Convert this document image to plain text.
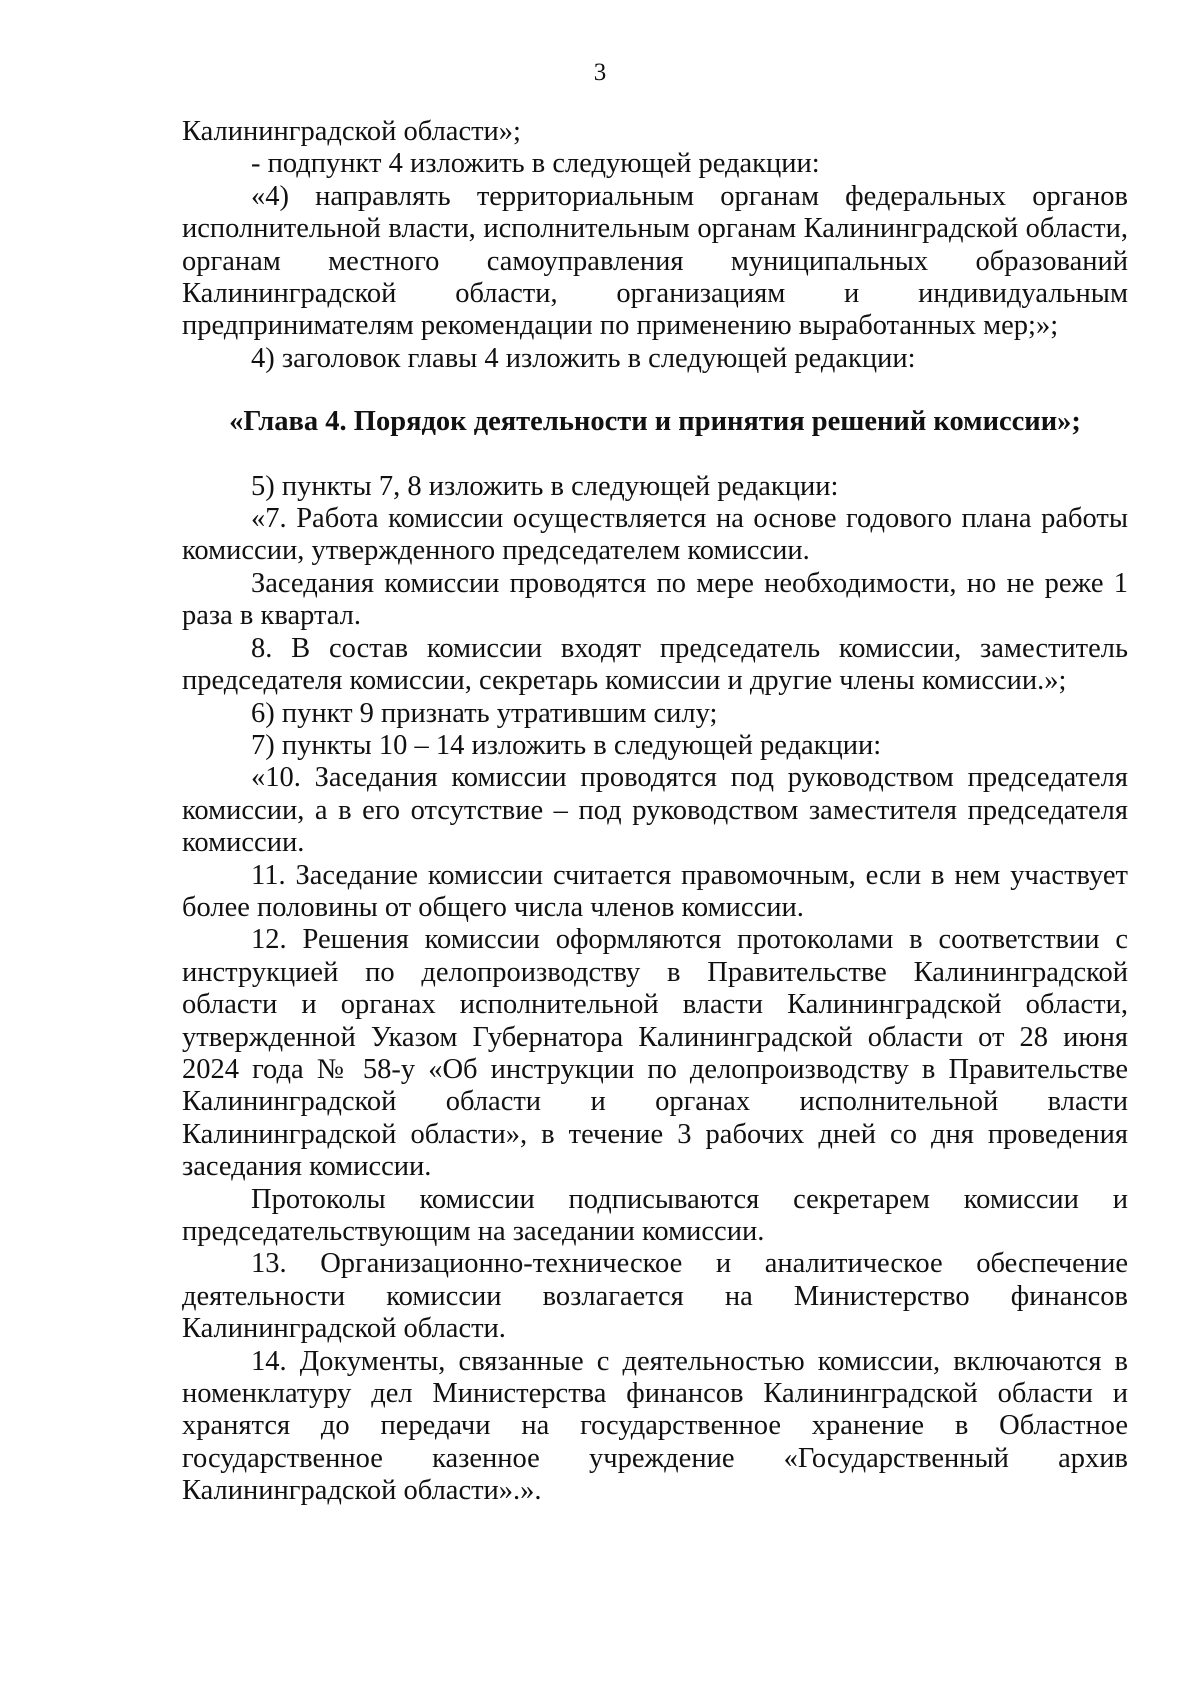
3

Калининградской области»;

- подпункт 4 изложить в следующей редакции:

«4) направлять территориальным органам федеральных органов исполнительной власти, исполнительным органам Калининградской области, органам местного самоуправления муниципальных образований Калининградской области, организациям и индивидуальным предпринимателям рекомендации по применению выработанных мер;»;

4) заголовок главы 4 изложить в следующей редакции:

«Глава 4. Порядок деятельности и принятия решений комиссии»;

5) пункты 7, 8 изложить в следующей редакции:

«7. Работа комиссии осуществляется на основе годового плана работы комиссии, утвержденного председателем комиссии.

Заседания комиссии проводятся по мере необходимости, но не реже 1 раза в квартал.

8. В состав комиссии входят председатель комиссии, заместитель председателя комиссии, секретарь комиссии и другие члены комиссии.»;

6) пункт 9 признать утратившим силу;

7) пункты 10 – 14 изложить в следующей редакции:

«10. Заседания комиссии проводятся под руководством председателя комиссии, а в его отсутствие – под руководством заместителя председателя комиссии.

11. Заседание комиссии считается правомочным, если в нем участвует более половины от общего числа членов комиссии.

12. Решения комиссии оформляются протоколами в соответствии с инструкцией по делопроизводству в Правительстве Калининградской области и органах исполнительной власти Калининградской области, утвержденной Указом Губернатора Калининградской области от 28 июня 2024 года № 58-у «Об инструкции по делопроизводству в Правительстве Калининградской области и органах исполнительной власти Калининградской области», в течение 3 рабочих дней со дня проведения заседания комиссии.

Протоколы комиссии подписываются секретарем комиссии и председательствующим на заседании комиссии.

13. Организационно-техническое и аналитическое обеспечение деятельности комиссии возлагается на Министерство финансов Калининградской области.

14. Документы, связанные с деятельностью комиссии, включаются в номенклатуру дел Министерства финансов Калининградской области и хранятся до передачи на государственное хранение в Областное государственное казенное учреждение «Государственный архив Калининградской области».».
